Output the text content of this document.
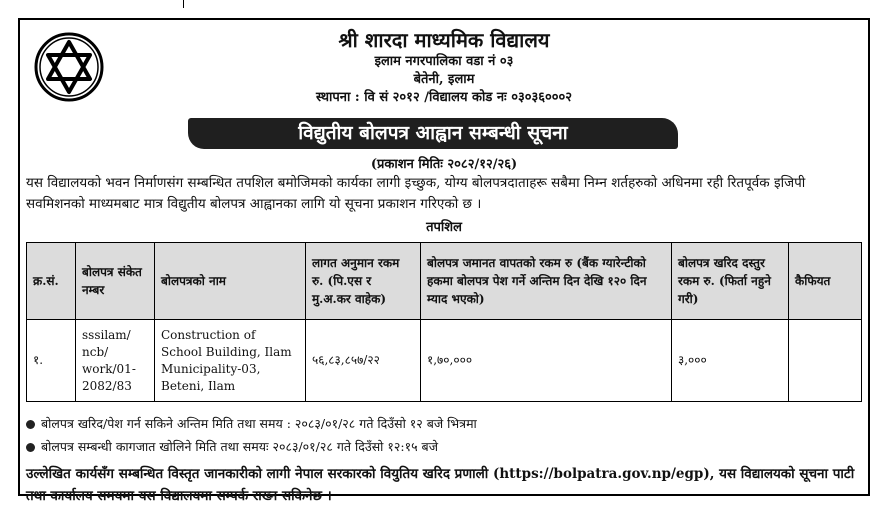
श्री शारदा माध्यमिक विद्यालय
इलाम नगरपालिका वडा नं ०३
बेतेनी, इलाम
स्थापना : वि सं २०१२ /विद्यालय कोड नः ०३०३६०००२
विद्युतीय बोलपत्र आह्वान सम्बन्धी सूचना
(प्रकाशन मितिः २०८२/१२/२६)
यस विद्यालयको भवन निर्माणसंग सम्बन्धित तपशिल बमोजिमको कार्यका लागी इच्छुक, योग्य बोलपत्रदाताहरू सबैमा निम्न शर्तहरुको अधिनमा रही रितपूर्वक इजिपी सवमिशनको माध्यमबाट मात्र विद्युतीय बोलपत्र आह्वानका लागि यो सूचना प्रकाशन गरिएको छ ।
तपशिल
क्र.सं.	बोलपत्र संकेत नम्बर	बोलपत्रको नाम	लागत अनुमान रकम रु. (पि.एस र मु.अ.कर वाहेक)	बोलपत्र जमानत वापतको रकम रु (बैंक ग्यारेन्टीको हकमा बोलपत्र पेश गर्ने अन्तिम दिन देखि १२० दिन म्याद भएको)	बोलपत्र खरिद दस्तुर रकम रु. (फिर्ता नहुने गरी)	कैफियत
१.	sssilam/ ncb/ work/01-2082/83	Construction of School Building, Ilam Municipality-03, Beteni, Ilam	५६,८३,८५७/२२	१,७०,०००	३,०००	
बोलपत्र खरिद/पेश गर्न सकिने अन्तिम मिति तथा समय : २०८३/०१/२८ गते दिउँसो १२ बजे भित्रमा
बोलपत्र सम्बन्धी कागजात खोलिने मिति तथा समयः २०८३/०१/२८ गते दिउँसो १२:१५ बजे
उल्लेखित कार्यसँग सम्बन्धित विस्तृत जानकारीको लागी नेपाल सरकारको वियुतिय खरिद प्रणाली (https://bolpatra.gov.np/egp), यस विद्यालयको सूचना पाटी तथा कार्यालय समयमा यस विद्यालयमा सम्पर्क राख्न सकिनेछ ।
